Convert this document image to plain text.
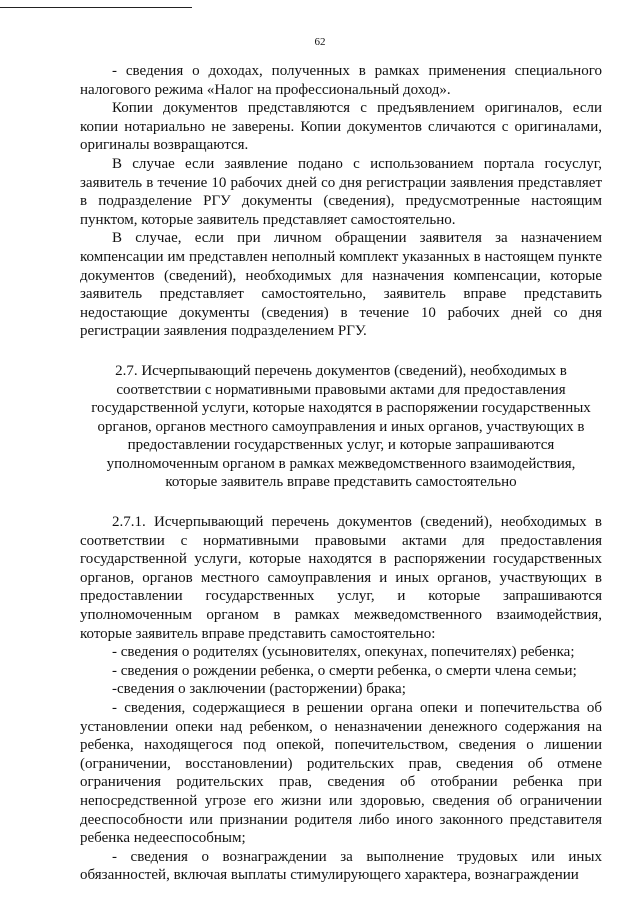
62

- сведения о доходах, полученных в рамках применения специального налогового режима «Налог на профессиональный доход».

Копии документов представляются с предъявлением оригиналов, если копии нотариально не заверены. Копии документов сличаются с оригиналами, оригиналы возвращаются.

В случае если заявление подано с использованием портала госуслуг, заявитель в течение 10 рабочих дней со дня регистрации заявления представляет в подразделение РГУ документы (сведения), предусмотренные настоящим пунктом, которые заявитель представляет самостоятельно.

В случае, если при личном обращении заявителя за назначением компенсации им представлен неполный комплект указанных в настоящем пункте документов (сведений), необходимых для назначения компенсации, которые заявитель представляет самостоятельно, заявитель вправе представить недостающие документы (сведения) в течение 10 рабочих дней со дня регистрации заявления подразделением РГУ.

2.7. Исчерпывающий перечень документов (сведений), необходимых в соответствии с нормативными правовыми актами для предоставления государственной услуги, которые находятся в распоряжении государственных органов, органов местного самоуправления и иных органов, участвующих в предоставлении государственных услуг, и которые запрашиваются уполномоченным органом в рамках межведомственного взаимодействия, которые заявитель вправе представить самостоятельно

2.7.1. Исчерпывающий перечень документов (сведений), необходимых в соответствии с нормативными правовыми актами для предоставления государственной услуги, которые находятся в распоряжении государственных органов, органов местного самоуправления и иных органов, участвующих в предоставлении государственных услуг, и которые запрашиваются уполномоченным органом в рамках межведомственного взаимодействия, которые заявитель вправе представить самостоятельно:

- сведения о родителях (усыновителях, опекунах, попечителях) ребенка;

- сведения о рождении ребенка, о смерти ребенка, о смерти члена семьи;

-сведения о заключении (расторжении) брака;

- сведения, содержащиеся в решении органа опеки и попечительства об установлении опеки над ребенком, о неназначении денежного содержания на ребенка, находящегося под опекой, попечительством, сведения о лишении (ограничении, восстановлении) родительских прав, сведения об отмене ограничения родительских прав, сведения об отобрании ребенка при непосредственной угрозе его жизни или здоровью, сведения об ограничении дееспособности или признании родителя либо иного законного представителя ребенка недееспособным;

- сведения о вознаграждении за выполнение трудовых или иных обязанностей, включая выплаты стимулирующего характера, вознаграждении
